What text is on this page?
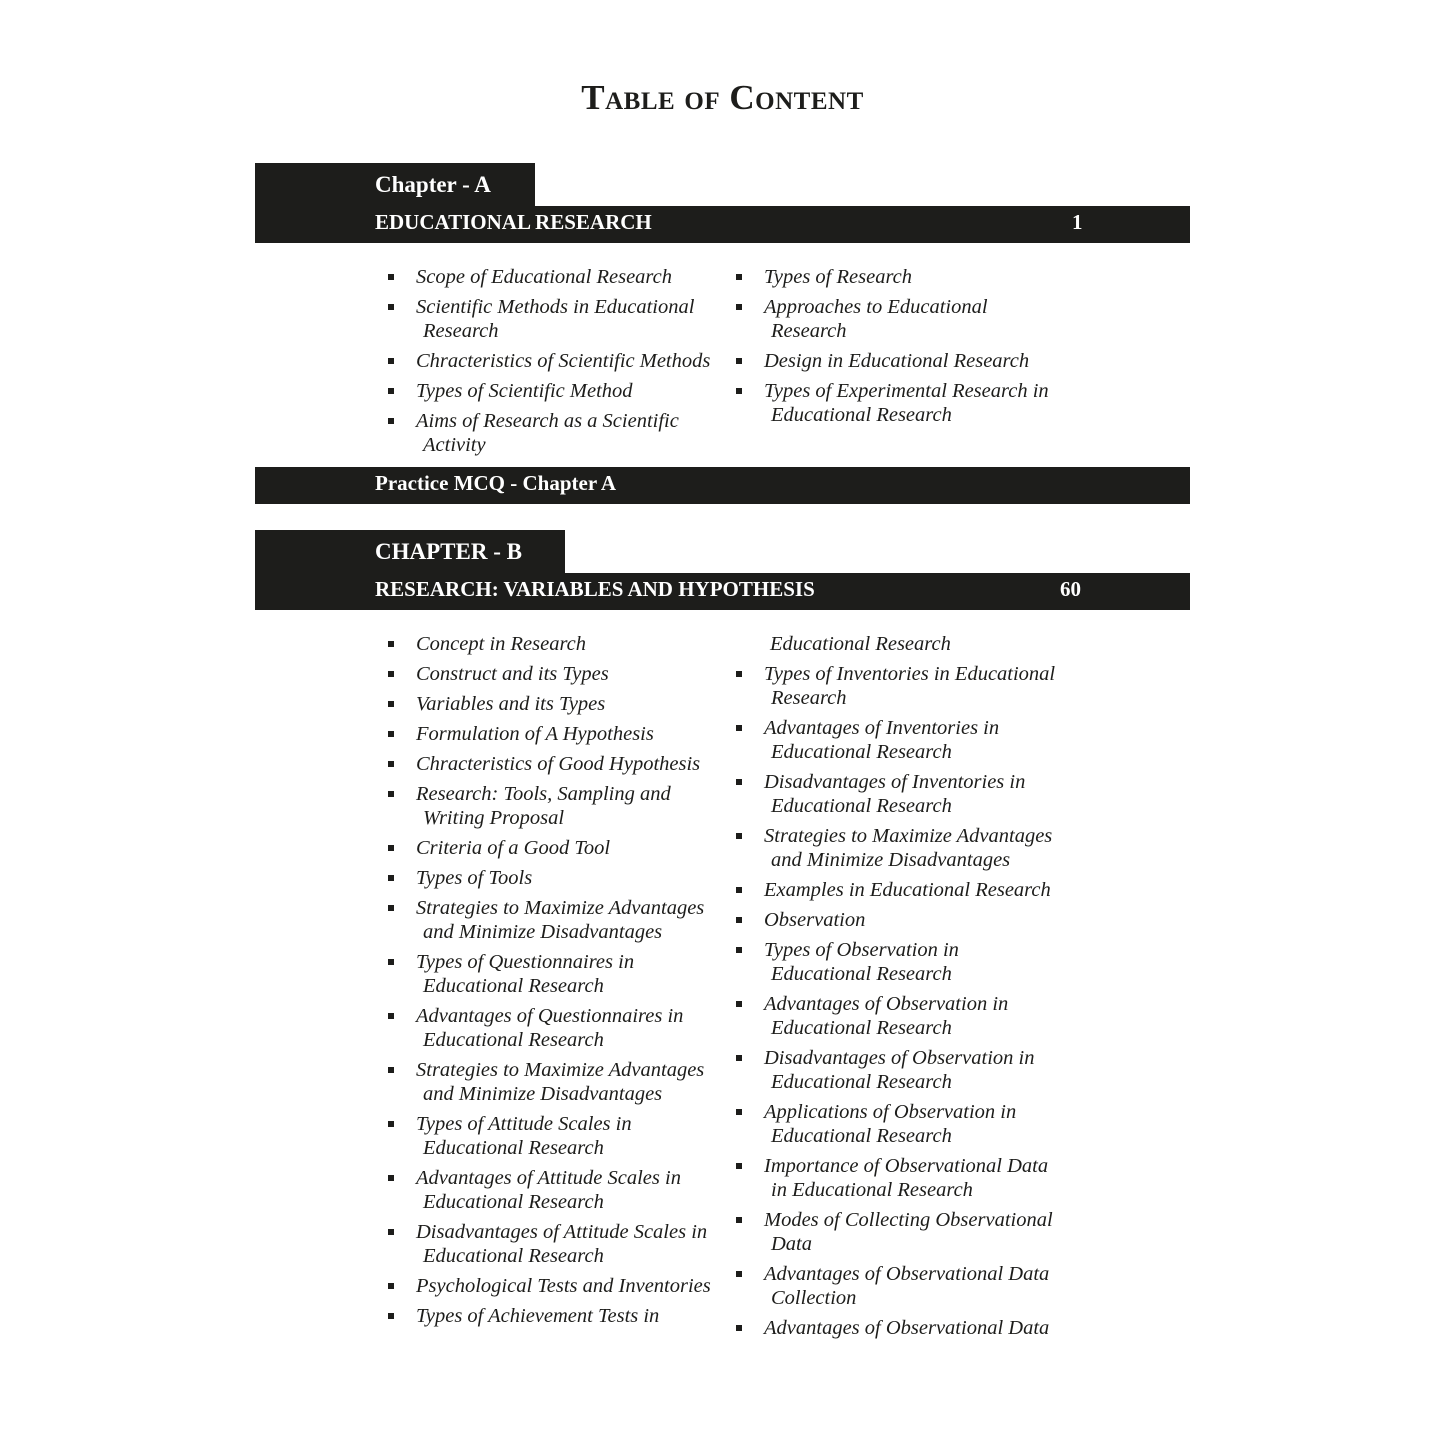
Table of Content
Chapter - A
EDUCATIONAL RESEARCH	1
Scope of Educational Research
Scientific Methods in Educational
Research
Chracteristics of Scientific Methods
Types of Scientific Method
Aims of Research as a Scientific
Activity
Types of Research
Approaches to Educational
Research
Design in Educational Research
Types of Experimental Research in
Educational Research
Practice MCQ - Chapter A
CHAPTER - B
RESEARCH: VARIABLES AND HYPOTHESIS	60
Concept in Research
Construct and its Types
Variables and its Types
Formulation of A Hypothesis
Chracteristics of Good Hypothesis
Research: Tools, Sampling and
Writing Proposal
Criteria of a Good Tool
Types of Tools
Strategies to Maximize Advantages
and Minimize Disadvantages
Types of Questionnaires in
Educational Research
Advantages of Questionnaires in
Educational Research
Strategies to Maximize Advantages
and Minimize Disadvantages
Types of Attitude Scales in
Educational Research
Advantages of Attitude Scales in
Educational Research
Disadvantages of Attitude Scales in
Educational Research
Psychological Tests and Inventories
Types of Achievement Tests in
Educational Research
Types of Inventories in Educational
Research
Advantages of Inventories in
Educational Research
Disadvantages of Inventories in
Educational Research
Strategies to Maximize Advantages
and Minimize Disadvantages
Examples in Educational Research
Observation
Types of Observation in
Educational Research
Advantages of Observation in
Educational Research
Disadvantages of Observation in
Educational Research
Applications of Observation in
Educational Research
Importance of Observational Data
in Educational Research
Modes of Collecting Observational
Data
Advantages of Observational Data
Collection
Advantages of Observational Data
